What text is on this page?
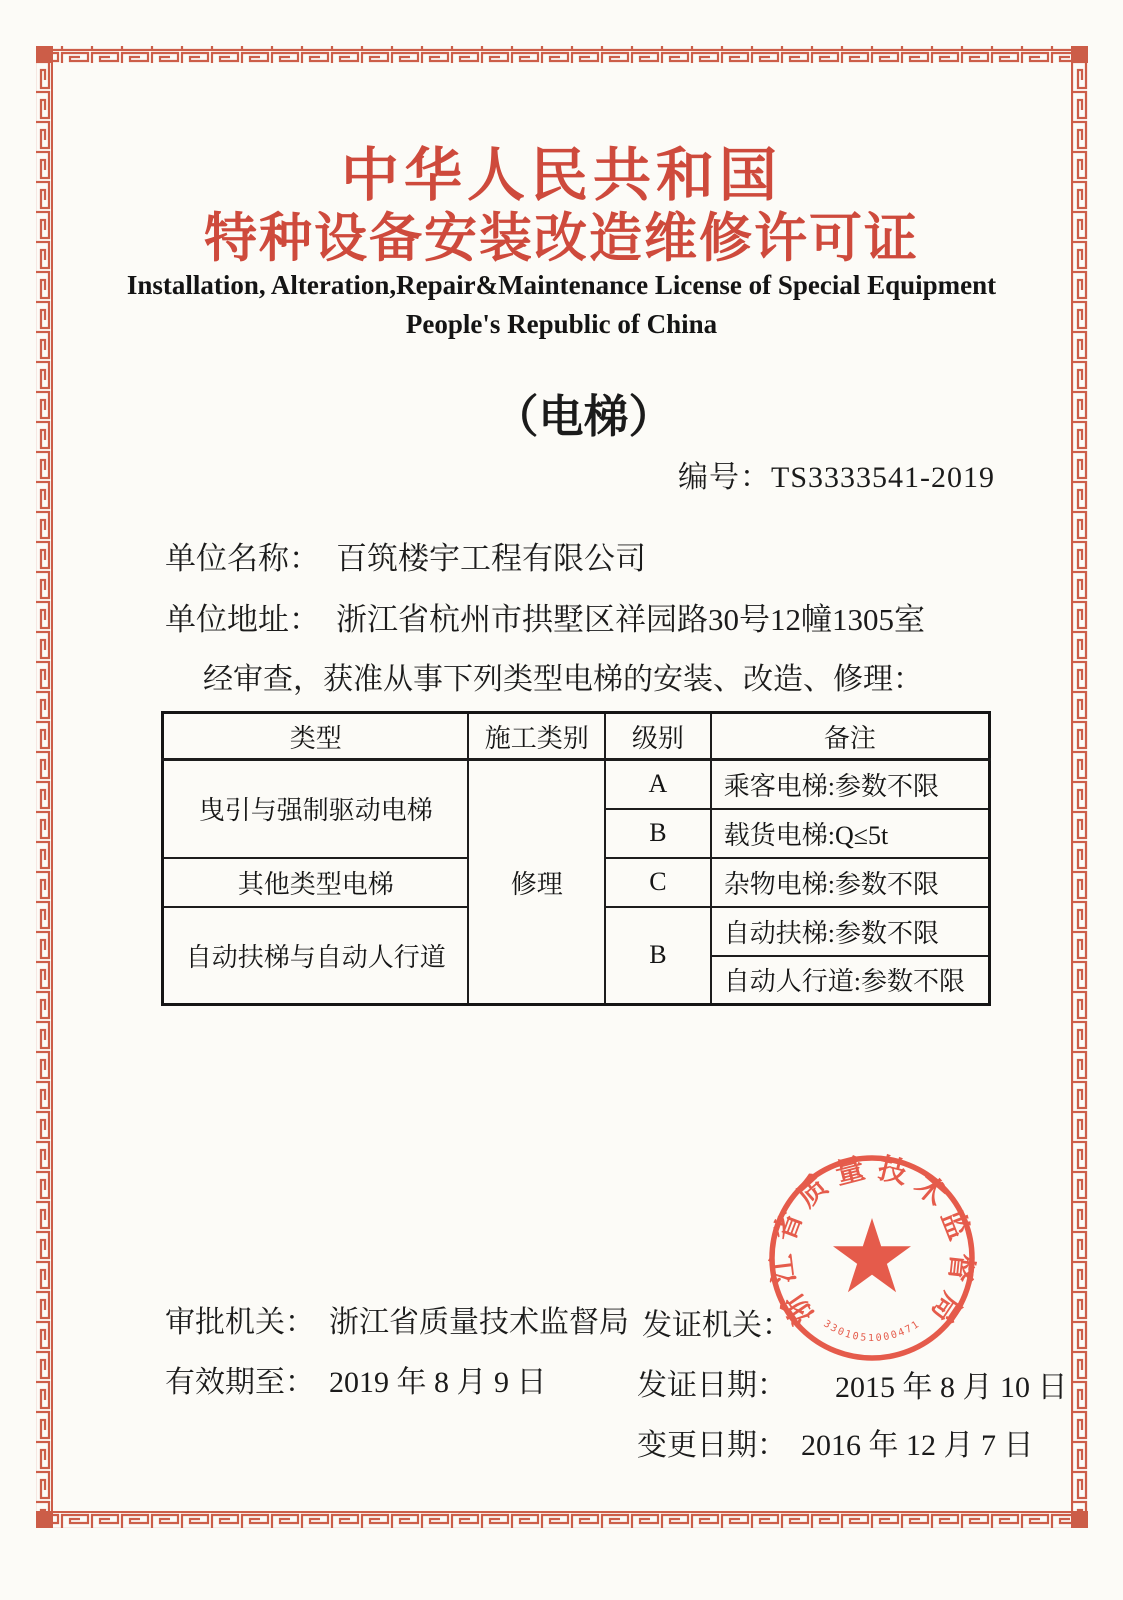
中华人民共和国
特种设备安装改造维修许可证
Installation, Alteration,Repair&Maintenance License of Special Equipment
People's Republic of China
（电梯）
编号：TS3333541-2019
单位名称： 百筑楼宇工程有限公司
单位地址： 浙江省杭州市拱墅区祥园路30号12幢1305室
经审查，获准从事下列类型电梯的安装、改造、修理：
类型	施工类别	级别	备注
曳引与强制驱动电梯	修理	A	乘客电梯:参数不限
		B	载货电梯:Q≤5t
其他类型电梯		C	杂物电梯:参数不限
自动扶梯与自动人行道		B	自动扶梯:参数不限
			自动人行道:参数不限
审批机关： 浙江省质量技术监督局 发证机关：
有效期至： 2019 年 8 月 9 日	发证日期： 2015 年 8 月 10 日
变更日期： 2016 年 12 月 7 日
浙江省质量技术监督局
3301051000471
